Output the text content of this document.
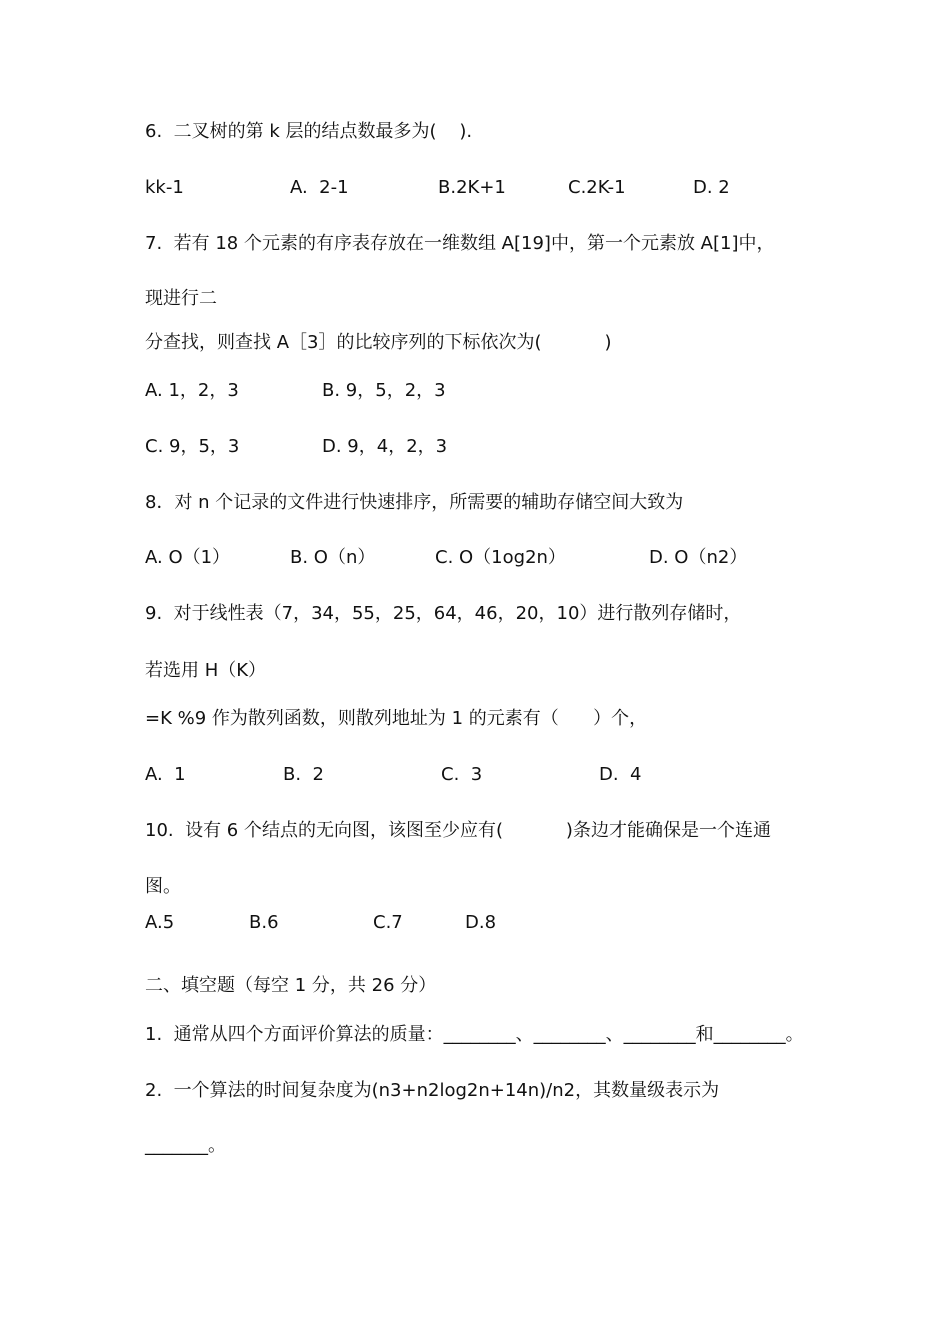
6.  二叉树的第 k 层的结点数最多为(    ).
kk-1	A.  2-1	B.2K+1	C.2K-1	D. 2
7.  若有 18 个元素的有序表存放在一维数组 A[19]中，第一个元素放 A[1]中，
现进行二
分查找，则查找 A［3］的比较序列的下标依次为(           )
A. 1，2，3	B. 9，5，2，3
C. 9，5，3	D. 9，4，2，3
8．对 n 个记录的文件进行快速排序，所需要的辅助存储空间大致为
A. O（1）	B. O（n）	C. O（1og2n）	D. O（n2）
9.  对于线性表（7，34，55，25，64，46，20，10）进行散列存储时，
若选用 H（K）
=K %9 作为散列函数，则散列地址为 1 的元素有（      ）个，
A.  1	B.  2	C.  3	D.  4
10.  设有 6 个结点的无向图，该图至少应有(           )条边才能确保是一个连通
图。
A.5	B.6	C.7	D.8
二、填空题（每空 1 分，共 26 分）
1.  通常从四个方面评价算法的质量：________、________、________和________。
2.  一个算法的时间复杂度为(n3+n2log2n+14n)/n2，其数量级表示为
_______。
